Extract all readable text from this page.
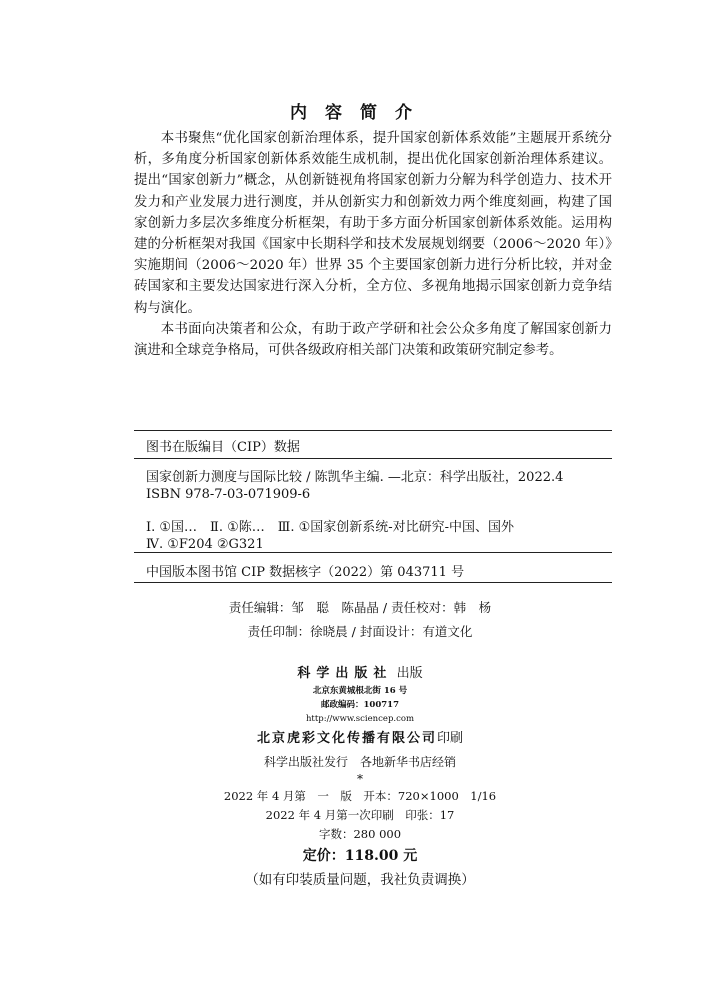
内容简介

本书聚焦“优化国家创新治理体系，提升国家创新体系效能”主题展开系统分析，多角度分析国家创新体系效能生成机制，提出优化国家创新治理体系建议。提出“国家创新力”概念，从创新链视角将国家创新力分解为科学创造力、技术开发力和产业发展力进行测度，并从创新实力和创新效力两个维度刻画，构建了国家创新力多层次多维度分析框架，有助于多方面分析国家创新体系效能。运用构建的分析框架对我国《国家中长期科学和技术发展规划纲要（2006～2020 年）》实施期间（2006～2020 年）世界 35 个主要国家创新力进行分析比较，并对金砖国家和主要发达国家进行深入分析，全方位、多视角地揭示国家创新力竞争结构与演化。

本书面向决策者和公众，有助于政产学研和社会公众多角度了解国家创新力演进和全球竞争格局，可供各级政府相关部门决策和政策研究制定参考。

图书在版编目（CIP）数据
国家创新力测度与国际比较 / 陈凯华主编. —北京：科学出版社，2022.4
ISBN 978-7-03-071909-6
Ⅰ. ①国…　Ⅱ. ①陈…　Ⅲ. ①国家创新系统-对比研究-中国、国外
Ⅳ. ①F204 ②G321
中国版本图书馆 CIP 数据核字（2022）第 043711 号
责任编辑：邹　聪　陈晶晶 / 责任校对：韩　杨
责任印制：徐晓晨 / 封面设计：有道文化
科学出版社 出版
北京东黄城根北街 16 号
邮政编码：100717
http://www.sciencep.com
北京虎彩文化传播有限公司印刷
科学出版社发行　各地新华书店经销
*
2022 年 4 月第　一　版　开本：720×1000　1/16
2022 年 4 月第一次印刷　印张：17
字数：280 000
定价：118.00 元
（如有印装质量问题，我社负责调换）
